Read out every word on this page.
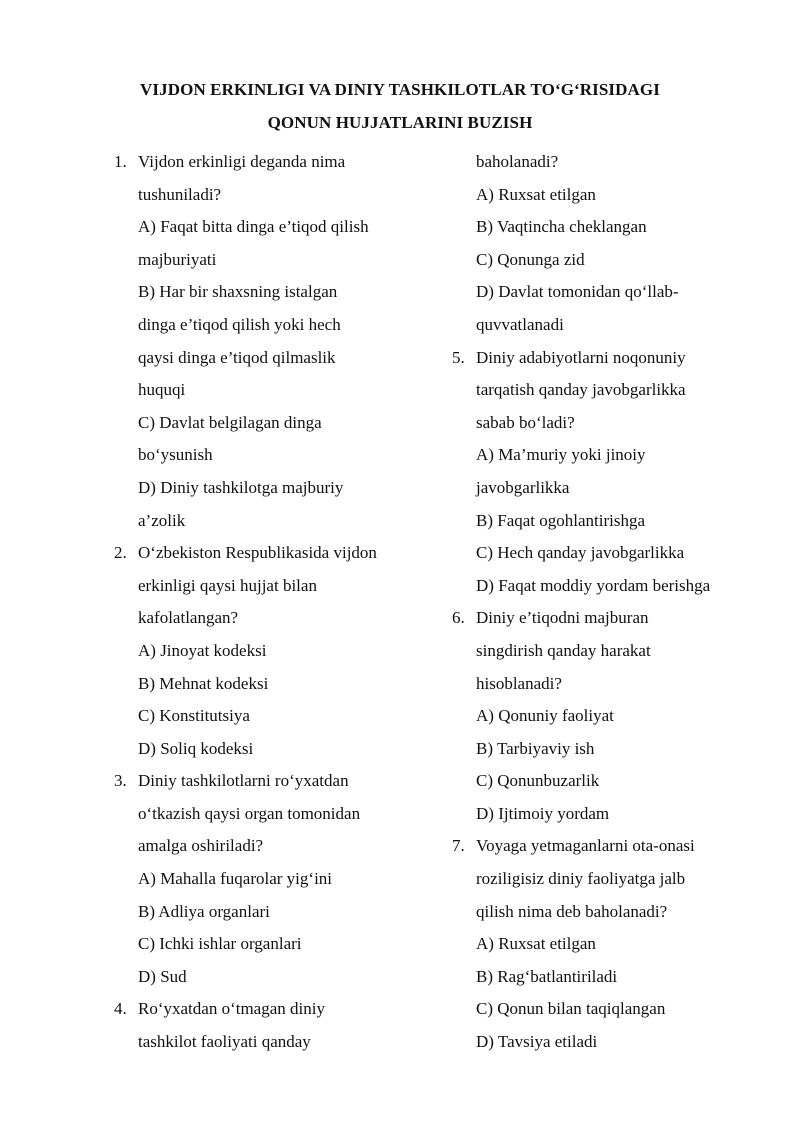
VIJDON ERKINLIGI VA DINIY TASHKILOTLAR TO‘G‘RISIDAGI
QONUN HUJJATLARINI BUZISH
1. Vijdon erkinligi deganda nima
tushuniladi?
A) Faqat bitta dinga e’tiqod qilish
majburiyati
B) Har bir shaxsning istalgan
dinga e’tiqod qilish yoki hech
qaysi dinga e’tiqod qilmaslik
huquqi
C) Davlat belgilagan dinga
bo‘ysunish
D) Diniy tashkilotga majburiy
a’zolik
2. O‘zbekiston Respublikasida vijdon
erkinligi qaysi hujjat bilan
kafolatlangan?
A) Jinoyat kodeksi
B) Mehnat kodeksi
C) Konstitutsiya
D) Soliq kodeksi
3. Diniy tashkilotlarni ro‘yxatdan
o‘tkazish qaysi organ tomonidan
amalga oshiriladi?
A) Mahalla fuqarolar yig‘ini
B) Adliya organlari
C) Ichki ishlar organlari
D) Sud
4. Ro‘yxatdan o‘tmagan diniy
tashkilot faoliyati qanday
baholanadi?
A) Ruxsat etilgan
B) Vaqtincha cheklangan
C) Qonunga zid
D) Davlat tomonidan qo‘llab-
quvvatlanadi
5. Diniy adabiyotlarni noqonuniy
tarqatish qanday javobgarlikka
sabab bo‘ladi?
A) Ma’muriy yoki jinoiy
javobgarlikka
B) Faqat ogohlantirishga
C) Hech qanday javobgarlikka
D) Faqat moddiy yordam berishga
6. Diniy e’tiqodni majburan
singdirish qanday harakat
hisoblanadi?
A) Qonuniy faoliyat
B) Tarbiyaviy ish
C) Qonunbuzarlik
D) Ijtimoiy yordam
7. Voyaga yetmaganlarni ota-onasi
roziligisiz diniy faoliyatga jalb
qilish nima deb baholanadi?
A) Ruxsat etilgan
B) Rag‘batlantiriladi
C) Qonun bilan taqiqlangan
D) Tavsiya etiladi
